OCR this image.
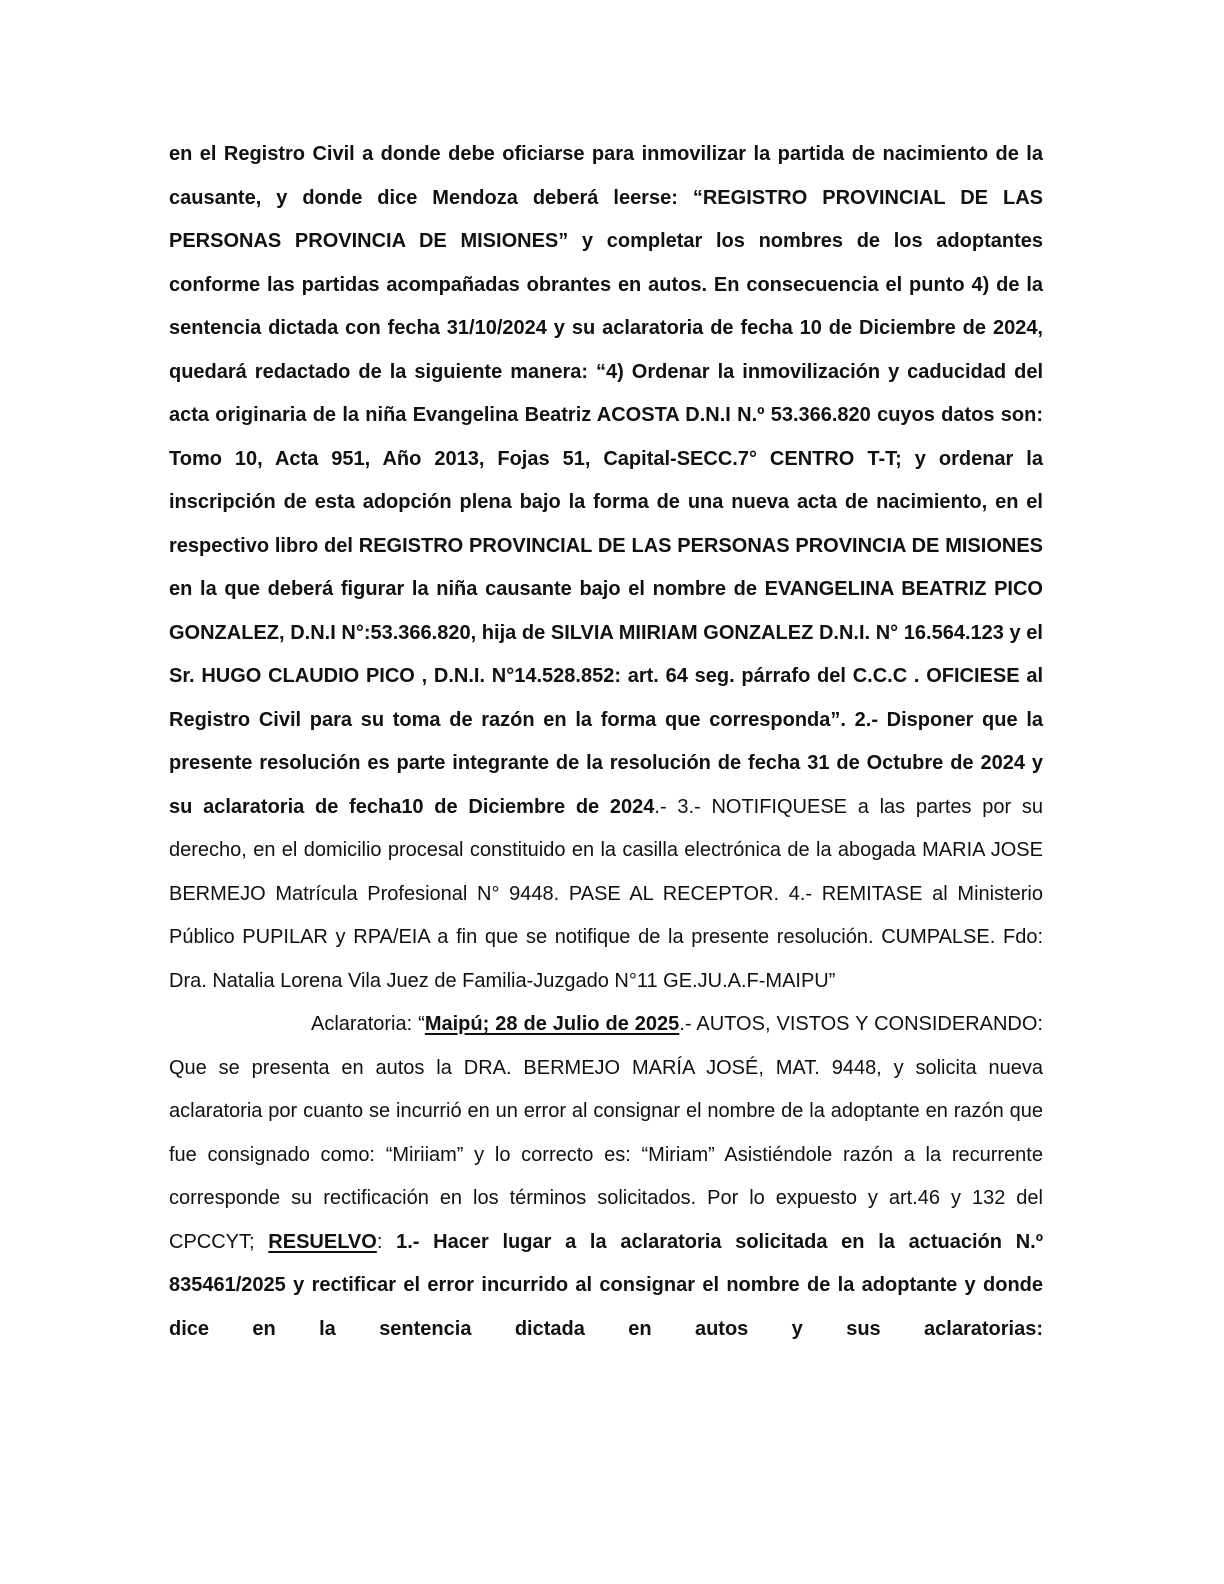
en el Registro Civil a donde debe oficiarse para inmovilizar la partida de nacimiento de la causante, y donde dice Mendoza deberá leerse: “REGISTRO PROVINCIAL DE LAS PERSONAS PROVINCIA DE MISIONES” y completar los nombres de los adoptantes conforme las partidas acompañadas obrantes en autos. En consecuencia el punto 4) de la sentencia dictada con fecha 31/10/2024 y su aclaratoria de fecha 10 de Diciembre de 2024, quedará redactado de la siguiente manera: “4) Ordenar la inmovilización y caducidad del acta originaria de la niña Evangelina Beatriz ACOSTA D.N.I N.º 53.366.820 cuyos datos son: Tomo 10, Acta 951, Año 2013, Fojas 51, Capital-SECC.7° CENTRO T-T; y ordenar la inscripción de esta adopción plena bajo la forma de una nueva acta de nacimiento, en el respectivo libro del REGISTRO PROVINCIAL DE LAS PERSONAS PROVINCIA DE MISIONES en la que deberá figurar la niña causante bajo el nombre de EVANGELINA BEATRIZ PICO GONZALEZ, D.N.I N°:53.366.820, hija de SILVIA MIIRIAM GONZALEZ D.N.I. N° 16.564.123 y el Sr. HUGO CLAUDIO PICO , D.N.I. N°14.528.852: art. 64 seg. párrafo del C.C.C . OFICIESE al Registro Civil para su toma de razón en la forma que corresponda”. 2.- Disponer que la presente resolución es parte integrante de la resolución de fecha 31 de Octubre de 2024 y su aclaratoria de fecha10 de Diciembre de 2024.- 3.- NOTIFIQUESE a las partes por su derecho, en el domicilio procesal constituido en la casilla electrónica de la abogada MARIA JOSE BERMEJO Matrícula Profesional N° 9448. PASE AL RECEPTOR. 4.- REMITASE al Ministerio Público PUPILAR y RPA/EIA a fin que se notifique de la presente resolución. CUMPALSE. Fdo: Dra. Natalia Lorena Vila Juez de Familia-Juzgado N°11 GE.JU.A.F-MAIPU”

Aclaratoria: “Maipú; 28 de Julio de 2025.- AUTOS, VISTOS Y CONSIDERANDO: Que se presenta en autos la DRA. BERMEJO MARÍA JOSÉ, MAT. 9448, y solicita nueva aclaratoria por cuanto se incurrió en un error al consignar el nombre de la adoptante en razón que fue consignado como: “Miriiam” y lo correcto es: “Miriam” Asistiéndole razón a la recurrente corresponde su rectificación en los términos solicitados. Por lo expuesto y art.46 y 132 del CPCCYT; RESUELVO: 1.- Hacer lugar a la aclaratoria solicitada en la actuación N.º 835461/2025 y rectificar el error incurrido al consignar el nombre de la adoptante y donde dice en la sentencia dictada en autos y sus aclaratorias:
